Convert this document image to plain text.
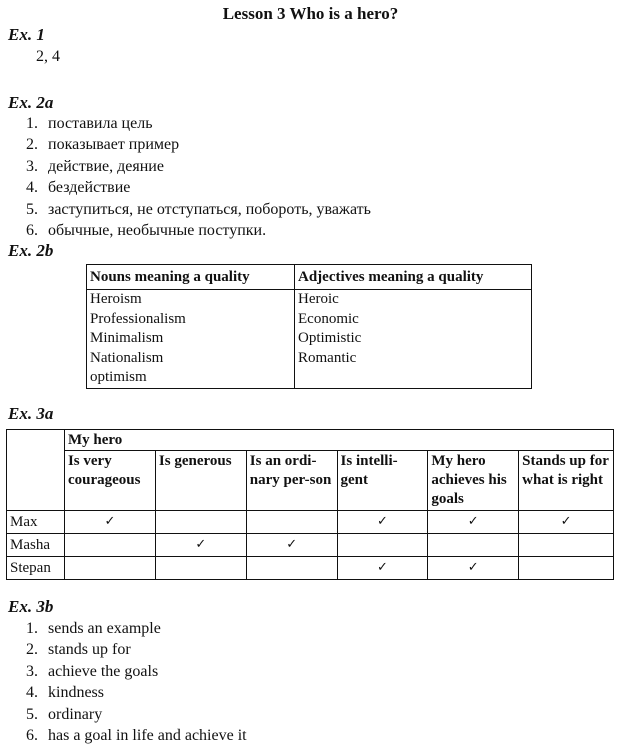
Lesson 3 Who is a hero?
Ex. 1
2, 4
Ex. 2a
1. поставила цель
2. показывает пример
3. действие, деяние
4. бездействие
5. заступиться, не отступаться, побороть, уважать
6. обычные, необычные поступки.
Ex. 2b
Nouns meaning a quality	Adjectives meaning a quality
Heroism	Heroic
Professionalism	Economic
Minimalism	Optimistic
Nationalism	Romantic
optimism	
Ex. 3a
	My hero					
	Is very courageous	Is generous	Is an ordi-nary per-son	Is intelli-gent	My hero achieves his goals	Stands up for what is right
Max	✓			✓	✓	✓
Masha		✓	✓			
Stepan				✓	✓	
Ex. 3b
1. sends an example
2. stands up for
3. achieve the goals
4. kindness
5. ordinary
6. has a goal in life and achieve it
